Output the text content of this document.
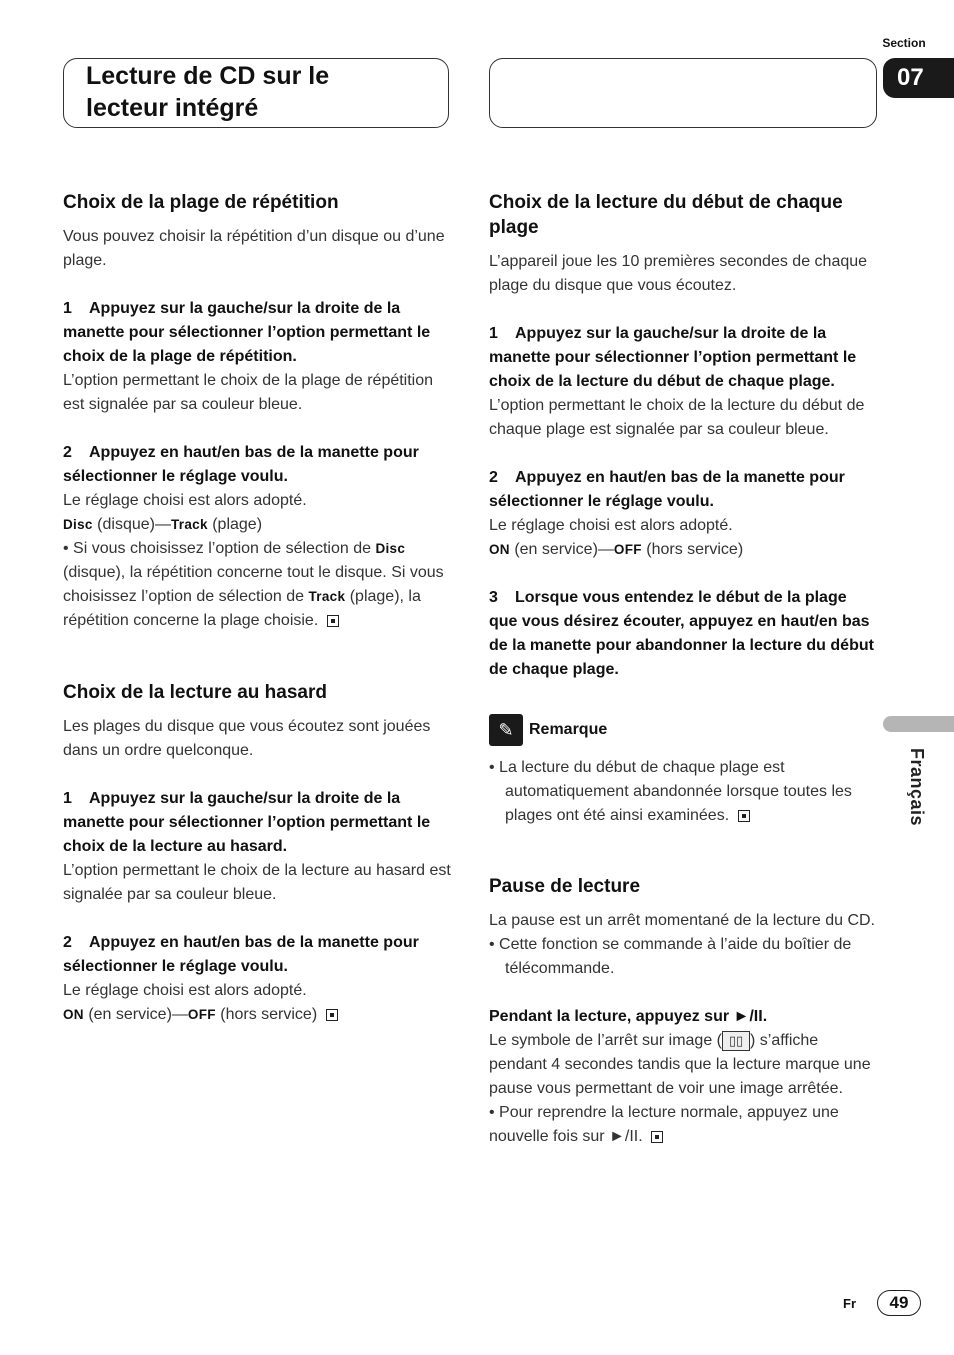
Lecture de CD sur le
lecteur intégré
Section
07
Français

Choix de la plage de répétition

Vous pouvez choisir la répétition d’un disque ou d’une plage.

1 Appuyez sur la gauche/sur la droite de la manette pour sélectionner l’option permettant le choix de la plage de répétition.

L’option permettant le choix de la plage de répétition est signalée par sa couleur bleue.

2 Appuyez en haut/en bas de la manette pour sélectionner le réglage voulu.

Le réglage choisi est alors adopté.

Disc (disque)—Track (plage)

• Si vous choisissez l’option de sélection de Disc (disque), la répétition concerne tout le disque. Si vous choisissez l’option de sélection de Track (plage), la répétition concerne la plage choisie.

Choix de la lecture au hasard

Les plages du disque que vous écoutez sont jouées dans un ordre quelconque.

1 Appuyez sur la gauche/sur la droite de la manette pour sélectionner l’option permettant le choix de la lecture au hasard.

L’option permettant le choix de la lecture au hasard est signalée par sa couleur bleue.

2 Appuyez en haut/en bas de la manette pour sélectionner le réglage voulu.

Le réglage choisi est alors adopté.

ON (en service)—OFF (hors service)

Choix de la lecture du début de chaque plage

L’appareil joue les 10 premières secondes de chaque plage du disque que vous écoutez.

1 Appuyez sur la gauche/sur la droite de la manette pour sélectionner l’option permettant le choix de la lecture du début de chaque plage.

L’option permettant le choix de la lecture du début de chaque plage est signalée par sa couleur bleue.

2 Appuyez en haut/en bas de la manette pour sélectionner le réglage voulu.

Le réglage choisi est alors adopté.

ON (en service)—OFF (hors service)

3 Lorsque vous entendez le début de la plage que vous désirez écouter, appuyez en haut/en bas de la manette pour abandonner la lecture du début de chaque plage.

✎ Remarque

• La lecture du début de chaque plage est automatiquement abandonnée lorsque toutes les plages ont été ainsi examinées.

Pause de lecture

La pause est un arrêt momentané de la lecture du CD.

• Cette fonction se commande à l’aide du boîtier de télécommande.

Pendant la lecture, appuyez sur ►/II.

Le symbole de l’arrêt sur image ( ▯▯ ) s’affiche pendant 4 secondes tandis que la lecture marque une pause vous permettant de voir une image arrêtée.

• Pour reprendre la lecture normale, appuyez une nouvelle fois sur ►/II.

Fr	49
